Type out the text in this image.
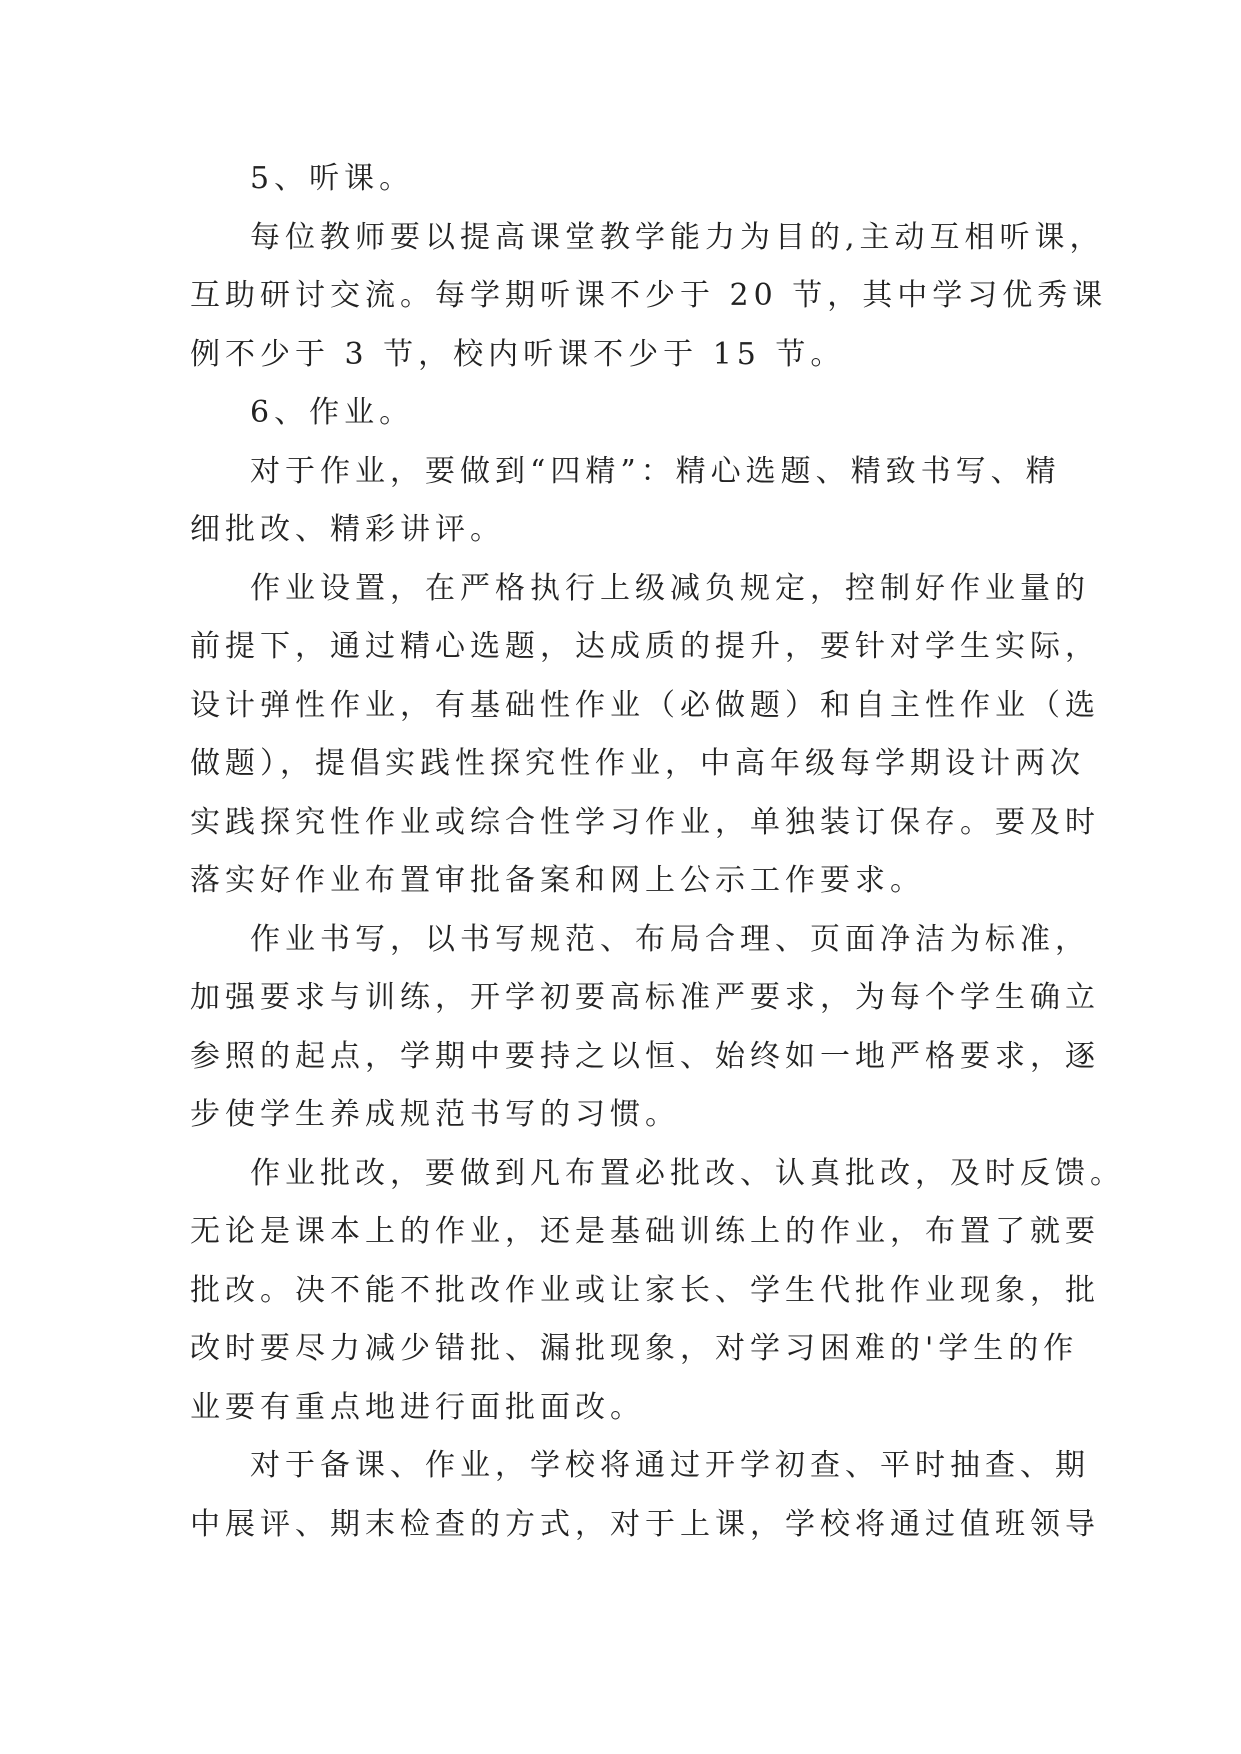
5、听课。
每位教师要以提高课堂教学能力为目的,主动互相听课，
互助研讨交流。每学期听课不少于 20 节，其中学习优秀课
例不少于 3 节，校内听课不少于 15 节。
6、作业。
对于作业，要做到“四精”：精心选题、精致书写、精
细批改、精彩讲评。
作业设置，在严格执行上级减负规定，控制好作业量的
前提下，通过精心选题，达成质的提升，要针对学生实际，
设计弹性作业，有基础性作业（必做题）和自主性作业（选
做题），提倡实践性探究性作业，中高年级每学期设计两次
实践探究性作业或综合性学习作业，单独装订保存。要及时
落实好作业布置审批备案和网上公示工作要求。
作业书写，以书写规范、布局合理、页面净洁为标准，
加强要求与训练，开学初要高标准严要求，为每个学生确立
参照的起点，学期中要持之以恒、始终如一地严格要求，逐
步使学生养成规范书写的习惯。
作业批改，要做到凡布置必批改、认真批改，及时反馈。
无论是课本上的作业，还是基础训练上的作业，布置了就要
批改。决不能不批改作业或让家长、学生代批作业现象，批
改时要尽力减少错批、漏批现象，对学习困难的'学生的作
业要有重点地进行面批面改。
对于备课、作业，学校将通过开学初查、平时抽查、期
中展评、期末检查的方式，对于上课，学校将通过值班领导
